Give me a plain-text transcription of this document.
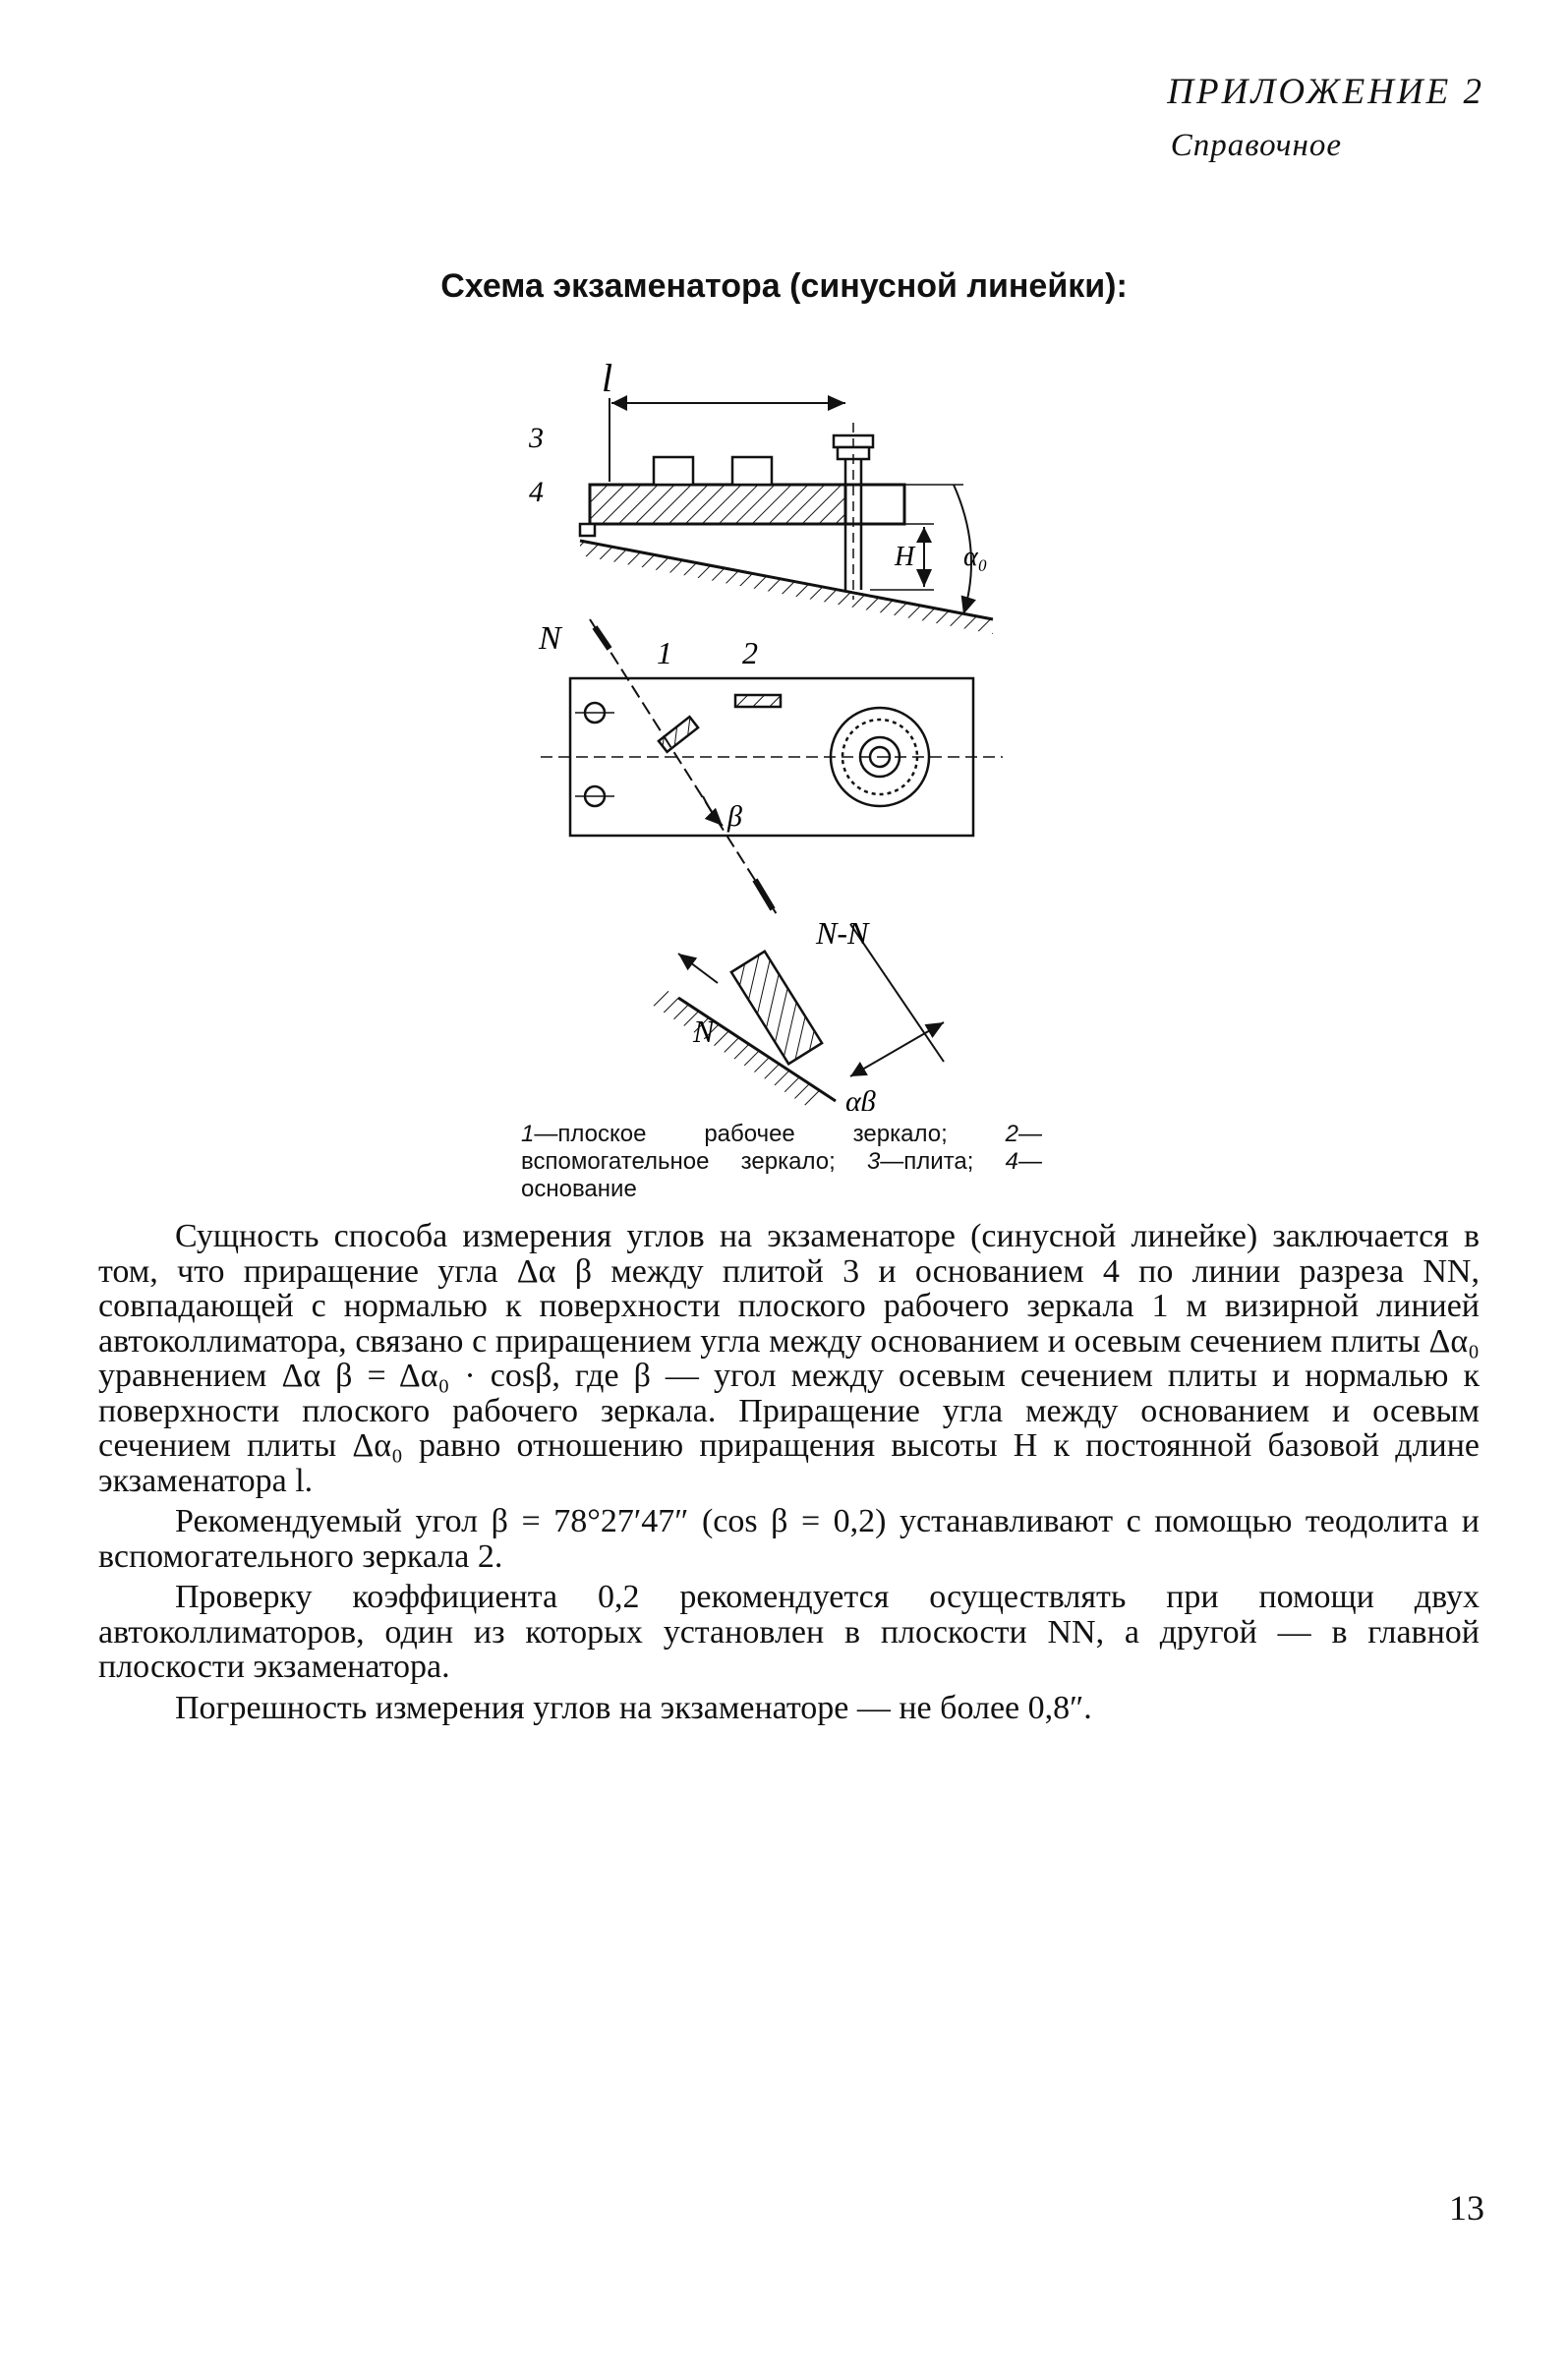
ПРИЛОЖЕНИЕ 2
Справочное
Схема экзаменатора (синусной линейки):
l
3
4
H α₀
N	1 2
β
N-N
N
αβ
1—плоское рабочее зеркало; 2—вспомогательное зеркало; 3—плита; 4—основание

Сущность способа измерения углов на экзаменаторе (синусной линейке) заключается в том, что приращение угла Δα β между плитой 3 и основанием 4 по линии разреза NN, совпадающей с нормалью к поверхности плоского рабочего зеркала 1 м визирной линией автоколлиматора, связано с приращением угла между основанием и осевым сечением плиты Δα₀ уравнением Δα β = Δα₀ · cosβ, где β — угол между осевым сечением плиты и нормалью к поверхности плоского рабочего зеркала. Приращение угла между основанием и осевым сечением плиты Δα₀ равно отношению приращения высоты H к постоянной базовой длине экзаменатора l.

Рекомендуемый угол β = 78°27′47″ (cos β = 0,2) устанавливают с помощью теодолита и вспомогательного зеркала 2.

Проверку коэффициента 0,2 рекомендуется осуществлять при помощи двух автоколлиматоров, один из которых установлен в плоскости NN, а другой — в главной плоскости экзаменатора.

Погрешность измерения углов на экзаменаторе — не более 0,8″.

13
